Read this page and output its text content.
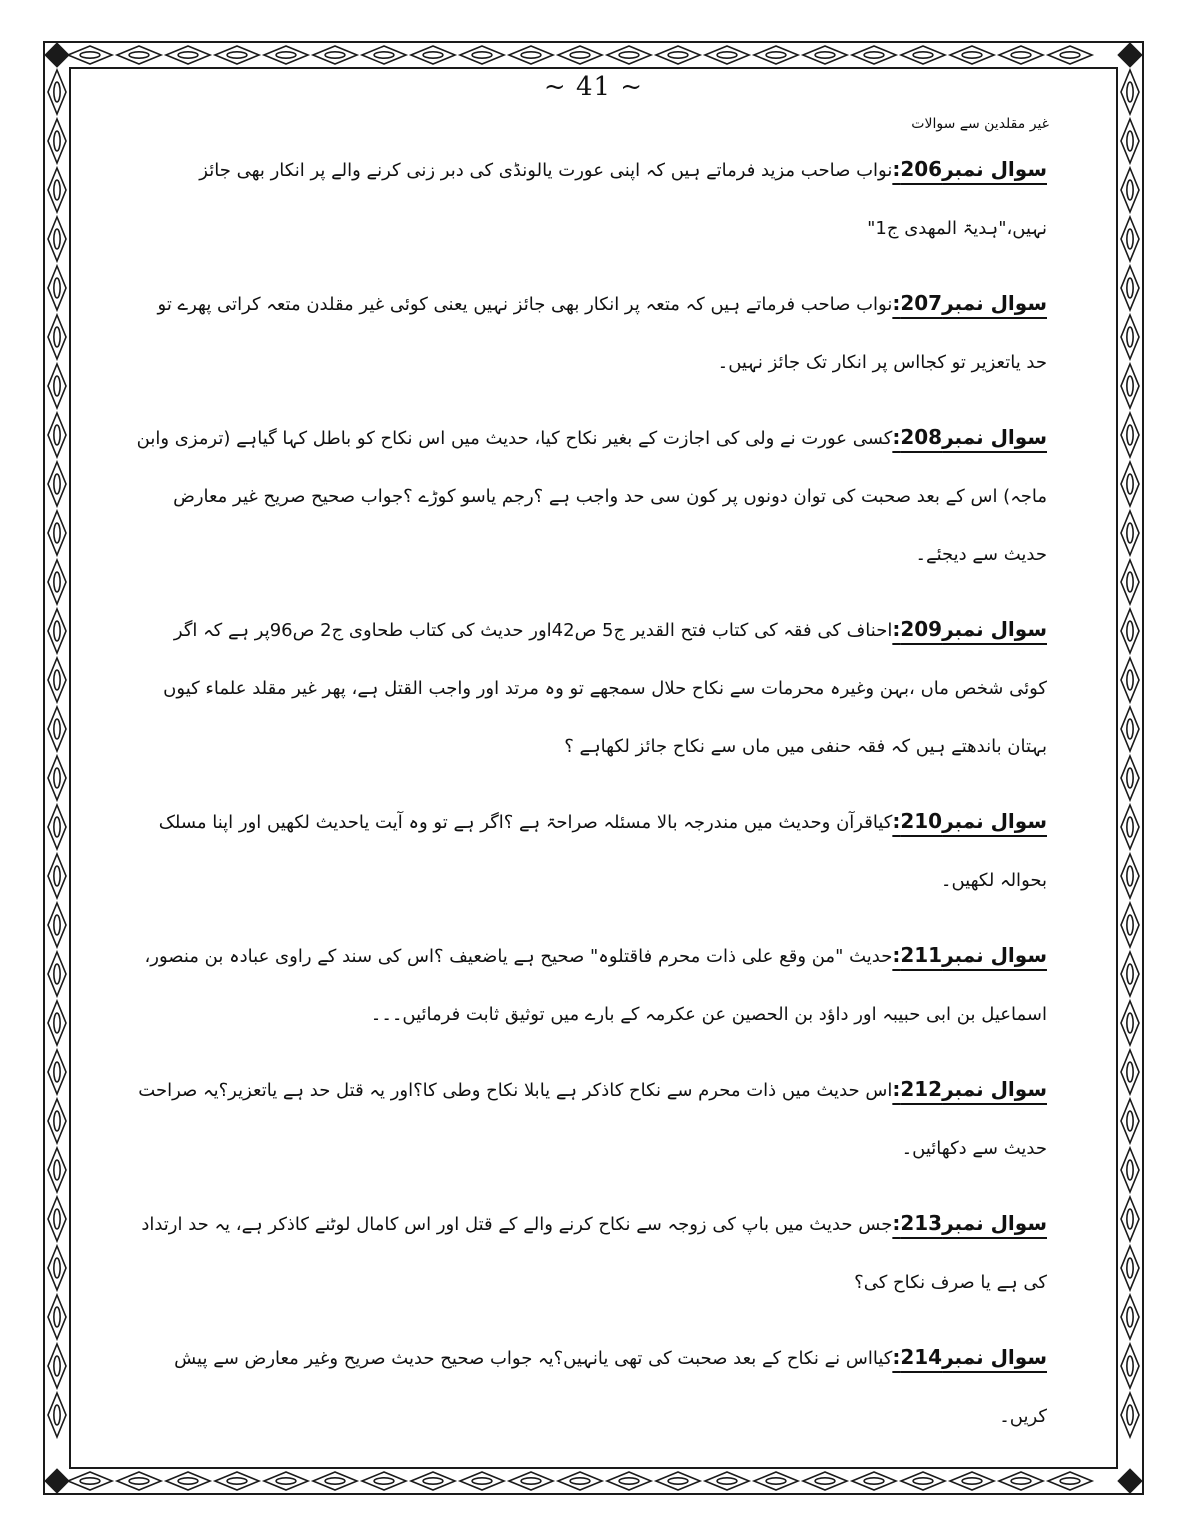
~ 41 ~
غیر مقلدین سے سوالات

سوال نمبر206:نواب صاحب مزید فرماتے ہیں کہ اپنی عورت یالونڈی کی دبر زنی کرنے والے پر انکار بھی جائز نہیں،"ہدیۃ المھدی ج1"

سوال نمبر207:نواب صاحب فرماتے ہیں کہ متعہ پر انکار بھی جائز نہیں یعنی کوئی غیر مقلدن متعہ کراتی پھرے تو حد یاتعزیر تو کجااس پر انکار تک جائز نہیں۔

سوال نمبر208:کسی عورت نے ولی کی اجازت کے بغیر نکاح کیا، حدیث میں اس نکاح کو باطل کہا گیاہے (ترمزی وابن ماجہ) اس کے بعد صحبت کی توان دونوں پر کون سی حد واجب ہے ؟رجم یاسو کوڑے ؟جواب صحیح صریح غیر معارض حدیث سے دیجئے۔

سوال نمبر209:احناف کی فقہ کی کتاب فتح القدیر ج5 ص42اور حدیث کی کتاب طحاوی ج2 ص96پر ہے کہ اگر کوئی شخص ماں ،بہن وغیرہ محرمات سے نکاح حلال سمجھے تو وہ مرتد اور واجب القتل ہے، پھر غیر مقلد علماء کیوں بہتان باندھتے ہیں کہ فقہ حنفی میں ماں سے نکاح جائز لکھاہے ؟

سوال نمبر210:کیاقرآن وحدیث میں مندرجہ بالا مسئلہ صراحۃ ہے ؟اگر ہے تو وہ آیت یاحدیث لکھیں اور اپنا مسلک بحوالہ لکھیں۔

سوال نمبر211:حدیث "من وقع علی ذات محرم فاقتلوہ" صحیح ہے یاضعیف ؟اس کی سند کے راوی عبادہ بن منصور، اسماعیل بن ابی حبیبہ اور داؤد بن الحصین عن عکرمہ کے بارے میں توثیق ثابت فرمائیں۔۔۔

سوال نمبر212:اس حدیث میں ذات محرم سے نکاح کاذکر ہے یابلا نکاح وطی کا؟اور یہ قتل حد ہے یاتعزیر؟یہ صراحت حدیث سے دکھائیں۔

سوال نمبر213:جس حدیث میں باپ کی زوجہ سے نکاح کرنے والے کے قتل اور اس کامال لوٹنے کاذکر ہے، یہ حد ارتداد کی ہے یا صرف نکاح کی؟

سوال نمبر214:کیااس نے نکاح کے بعد صحبت کی تھی یانہیں؟یہ جواب صحیح حدیث صریح وغیر معارض سے پیش کریں۔
